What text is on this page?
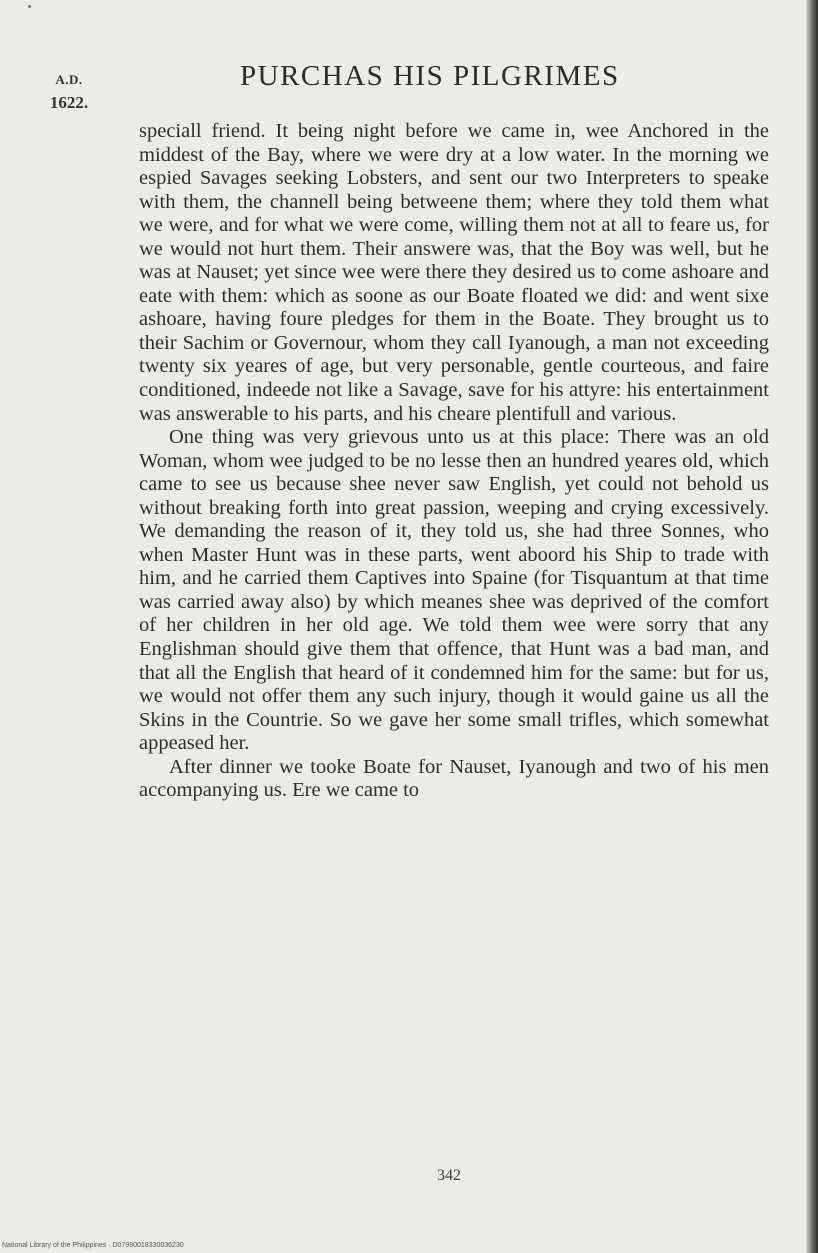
A.D.
1622.
PURCHAS HIS PILGRIMES

speciall friend. It being night before we came in, wee Anchored in the middest of the Bay, where we were dry at a low water. In the morning we espied Savages seeking Lobsters, and sent our two Interpreters to speake with them, the channell being betweene them; where they told them what we were, and for what we were come, willing them not at all to feare us, for we would not hurt them. Their answere was, that the Boy was well, but he was at Nauset; yet since wee were there they desired us to come ashoare and eate with them: which as soone as our Boate floated we did: and went sixe ashoare, having foure pledges for them in the Boate. They brought us to their Sachim or Governour, whom they call Iyanough, a man not exceeding twenty six yeares of age, but very personable, gentle courteous, and faire conditioned, indeede not like a Savage, save for his attyre: his entertainment was answerable to his parts, and his cheare plentifull and various.

One thing was very grievous unto us at this place: There was an old Woman, whom wee judged to be no lesse then an hundred yeares old, which came to see us because shee never saw English, yet could not behold us without breaking forth into great passion, weeping and crying excessively. We demanding the reason of it, they told us, she had three Sonnes, who when Master Hunt was in these parts, went aboord his Ship to trade with him, and he carried them Captives into Spaine (for Tisquantum at that time was carried away also) by which meanes shee was deprived of the comfort of her children in her old age. We told them wee were sorry that any Englishman should give them that offence, that Hunt was a bad man, and that all the English that heard of it condemned him for the same: but for us, we would not offer them any such injury, though it would gaine us all the Skins in the Countrie. So we gave her some small trifles, which somewhat appeased her.

After dinner we tooke Boate for Nauset, Iyanough and two of his men accompanying us. Ere we came to

342
National Library of the Philippines · D07990018330036230
